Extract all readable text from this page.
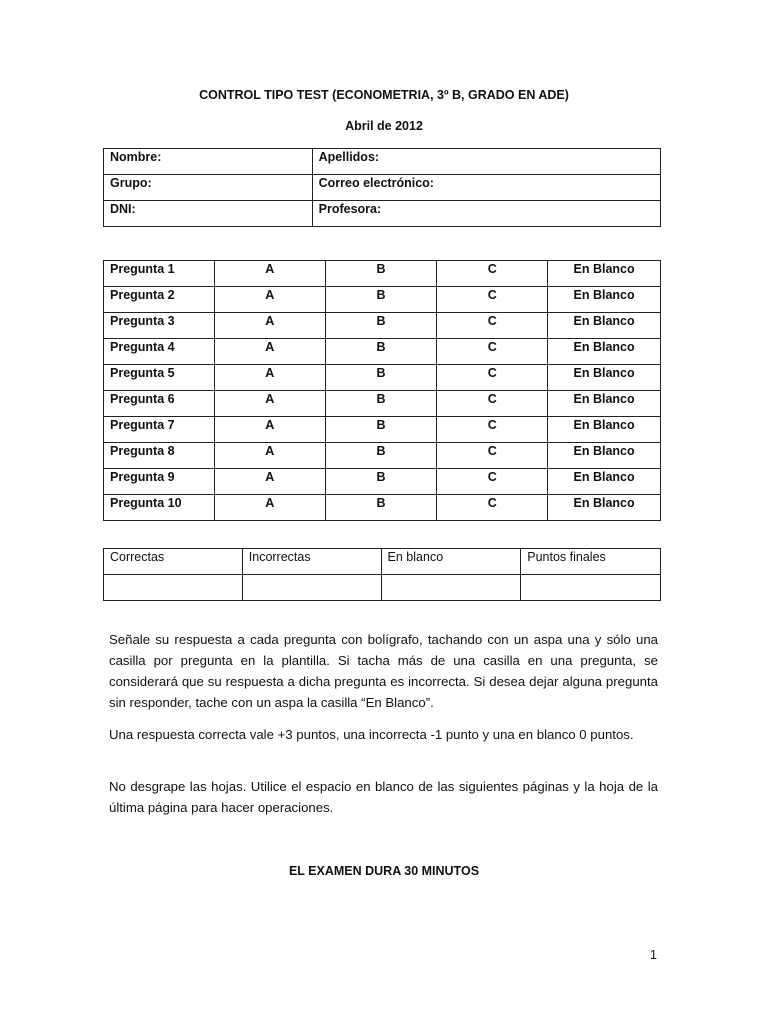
CONTROL TIPO TEST (ECONOMETRIA, 3º B, GRADO EN ADE)
Abril de 2012
Nombre:	Apellidos:
Grupo:	Correo electrónico:
DNI:	Profesora:
Pregunta 1	A	B	C	En Blanco
Pregunta 2	A	B	C	En Blanco
Pregunta 3	A	B	C	En Blanco
Pregunta 4	A	B	C	En Blanco
Pregunta 5	A	B	C	En Blanco
Pregunta 6	A	B	C	En Blanco
Pregunta 7	A	B	C	En Blanco
Pregunta 8	A	B	C	En Blanco
Pregunta 9	A	B	C	En Blanco
Pregunta 10	A	B	C	En Blanco
Correctas	Incorrectas	En blanco	Puntos finales

Señale su respuesta a cada pregunta con bolígrafo, tachando con un aspa una y sólo una casilla por pregunta en la plantilla. Si tacha más de una casilla en una pregunta, se considerará que su respuesta a dicha pregunta es incorrecta. Si desea dejar alguna pregunta sin responder, tache con un aspa la casilla “En Blanco”.

Una respuesta correcta vale +3 puntos, una incorrecta -1 punto y una en blanco 0 puntos.

No desgrape las hojas. Utilice el espacio en blanco de las siguientes páginas y la hoja de la última página para hacer operaciones.

EL EXAMEN DURA 30 MINUTOS
1
